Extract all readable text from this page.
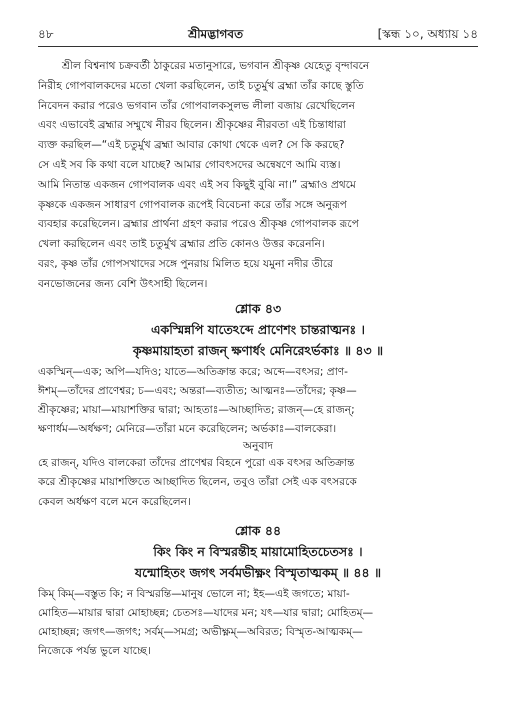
৪৮	শ্রীমদ্ভাগবত	[স্কন্ধ ১০, অধ্যায় ১৪
শ্রীল বিশ্বনাথ চক্রবর্তী ঠাকুরের মতানুসারে, ভগবান শ্রীকৃষ্ণ যেহেতু বৃন্দাবনে
নিরীহ গোপবালকদের মতো খেলা করছিলেন, তাই চতুর্মুখ ব্রহ্মা তাঁর কাছে স্তুতি
নিবেদন করার পরেও ভগবান তাঁর গোপবালকসুলভ লীলা বজায় রেখেছিলেন
এবং এভাবেই ব্রহ্মার সম্মুখে নীরব ছিলেন। শ্রীকৃষ্ণের নীরবতা এই চিন্তাধারা
ব্যক্ত করছিল—“এই চতুর্মুখ ব্রহ্মা আবার কোথা থেকে এল? সে কি করছে?
সে এই সব কি কথা বলে যাচ্ছে? আমার গোবৎসদের অন্বেষণে আমি ব্যস্ত।
আমি নিতান্ত একজন গোপবালক এবং এই সব কিছুই বুঝি না।” ব্রহ্মাও প্রথমে
কৃষ্ণকে একজন সাধারণ গোপবালক রূপেই বিবেচনা করে তাঁর সঙ্গে অনুরূপ
ব্যবহার করেছিলেন। ব্রহ্মার প্রার্থনা গ্রহণ করার পরেও শ্রীকৃষ্ণ গোপবালক রূপে
খেলা করছিলেন এবং তাই চতুর্মুখ ব্রহ্মার প্রতি কোনও উত্তর করেননি।
বরং, কৃষ্ণ তাঁর গোপসখাদের সঙ্গে পুনরায় মিলিত হয়ে যমুনা নদীর তীরে
বনভোজনের জন্য বেশি উৎসাহী ছিলেন।
শ্লোক ৪৩
একস্মিন্নপি যাতেঽব্দে প্রাণেশং চান্তরাত্মনঃ ।
কৃষ্ণমায়াহতা রাজন্ ক্ষণার্ধং মেনিরেঽর্ভকাঃ ॥ ৪৩ ॥
একস্মিন্—এক; অপি—যদিও; যাতে—অতিক্রান্ত করে; অব্দে—বৎসর; প্রাণ-
ঈশম্—তাঁদের প্রাণেশ্বর; চ—এবং; অন্তরা—ব্যতীত; আত্মনঃ—তাঁদের; কৃষ্ণ—
শ্রীকৃষ্ণের; মায়া—মায়াশক্তির দ্বারা; আহতাঃ—আচ্ছাদিত; রাজন্—হে রাজন্;
ক্ষণার্ধম—অর্ধক্ষণ; মেনিরে—তাঁরা মনে করেছিলেন; অর্ভকাঃ—বালকেরা।
অনুবাদ
হে রাজন্, যদিও বালকেরা তাঁদের প্রাণেশ্বর বিহনে পুরো এক বৎসর অতিক্রান্ত
করে শ্রীকৃষ্ণের মায়াশক্তিতে আচ্ছাদিত ছিলেন, তবুও তাঁরা সেই এক বৎসরকে
কেবল অর্ধক্ষণ বলে মনে করেছিলেন।
শ্লোক ৪৪
কিং কিং ন বিস্মরন্তীহ মায়ামোহিতচেতসঃ ।
যন্মোহিতং জগৎ সর্বমভীক্ষ্ণং বিস্মৃতাত্মকম্ ॥ ৪৪ ॥
কিম্ কিম্—বস্তুত কি; ন বিস্মরন্তি—মানুষ ভোলে না; ইহ—এই জগতে; মায়া-
মোহিত—মায়ার দ্বারা মোহাচ্ছন্ন; চেতসঃ—যাদের মন; যৎ—যার দ্বারা; মোহিতম্—
মোহাচ্ছন্ন; জগৎ—জগৎ; সর্বম্—সমগ্র; অভীক্ষ্ণম্—অবিরত; বিস্মৃত-আত্মকম্—
নিজেকে পর্যন্ত ভুলে যাচ্ছে।
